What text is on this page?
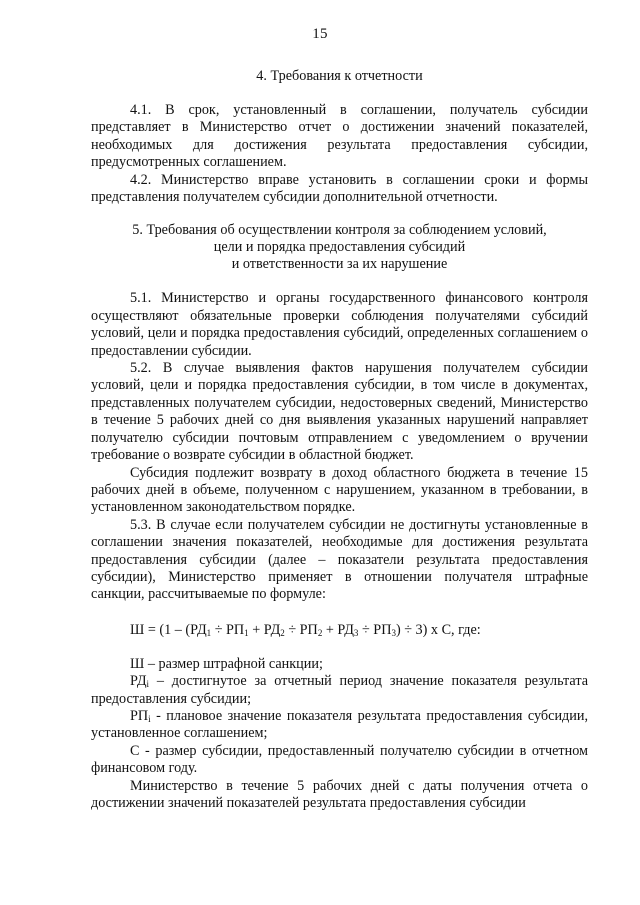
15
4. Требования к отчетности

4.1. В срок, установленный в соглашении, получатель субсидии представляет в Министерство отчет о достижении значений показателей, необходимых для достижения результата предоставления субсидии, предусмотренных соглашением.

4.2. Министерство вправе установить в соглашении сроки и формы представления получателем субсидии дополнительной отчетности.

5. Требования об осуществлении контроля за соблюдением условий,
цели и порядка предоставления субсидий
и ответственности за их нарушение

5.1. Министерство и органы государственного финансового контроля осуществляют обязательные проверки соблюдения получателями субсидий условий, цели и порядка предоставления субсидий, определенных соглашением о предоставлении субсидии.

5.2. В случае выявления фактов нарушения получателем субсидии условий, цели и порядка предоставления субсидии, в том числе в документах, представленных получателем субсидии, недостоверных сведений, Министерство в течение 5 рабочих дней со дня выявления указанных нарушений направляет получателю субсидии почтовым отправлением с уведомлением о вручении требование о возврате субсидии в областной бюджет.

Субсидия подлежит возврату в доход областного бюджета в течение 15 рабочих дней в объеме, полученном с нарушением, указанном в требовании, в установленном законодательством порядке.

5.3. В случае если получателем субсидии не достигнуты установленные в соглашении значения показателей, необходимые для достижения результата предоставления субсидии (далее – показатели результата предоставления субсидии), Министерство применяет в отношении получателя штрафные санкции, рассчитываемые по формуле:

$Ш = (1 - (РД_1 \div РП_1 + РД_2 \div РП_2 + РД_3 \div РП_3) \div 3)$ х С, где:

Ш – размер штрафной санкции;

$РД_i$ – достигнутое за отчетный период значение показателя результата предоставления субсидии;

$РП_i$ - плановое значение показателя результата предоставления субсидии, установленное соглашением;

С - размер субсидии, предоставленный получателю субсидии в отчетном финансовом году.

Министерство в течение 5 рабочих дней с даты получения отчета о достижении значений показателей результата предоставления субсидии
